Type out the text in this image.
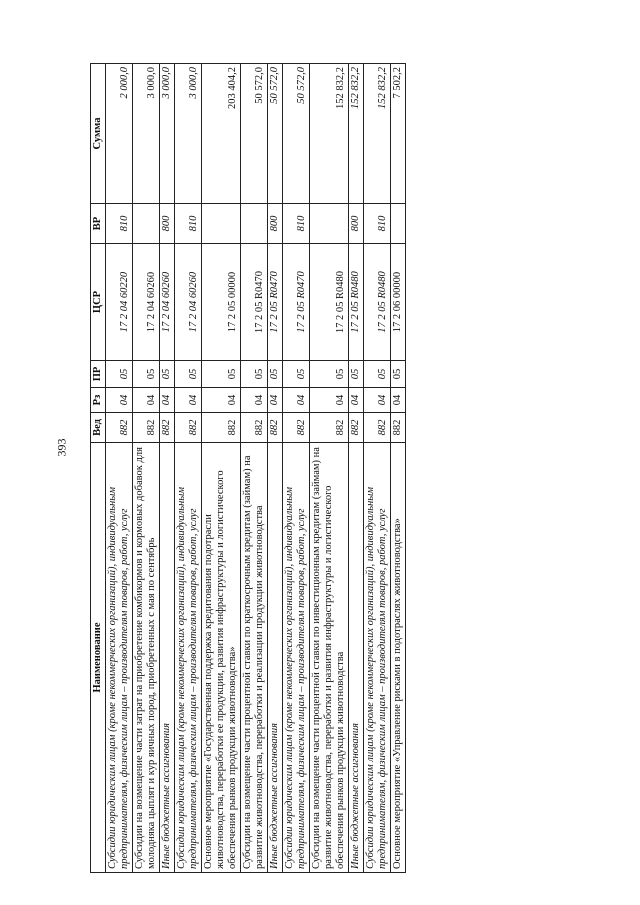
393
Наименование	Вед	Рз	ПР	ЦСР	ВР	Сумма
Субсидии юридическим лицам (кроме некоммерческих организаций), индивидуальным предпринимателям, физическим лицам – производителям товаров, работ, услуг	882	04	05	17 2 04 60220	810	2 000,0
Субсидии на возмещение части затрат на приобретение комбикормов и кормовых добавок для молодняка цыплят и кур яичных пород, приобретенных с мая по сентябрь	882	04	05	17 2 04 60260		3 000,0
Иные бюджетные ассигнования	882	04	05	17 2 04 60260	800	3 000,0
Субсидии юридическим лицам (кроме некоммерческих организаций), индивидуальным предпринимателям, физическим лицам – производителям товаров, работ, услуг	882	04	05	17 2 04 60260	810	3 000,0
Основное мероприятие «Государственная поддержка кредитования подотрасли животноводства, переработки ее продукции, развития инфраструктуры и логистического обеспечения рынков продукции животноводства»	882	04	05	17 2 05 00000		203 404,2
Субсидии на возмещение части процентной ставки по краткосрочным кредитам (займам) на развитие животноводства, переработки и реализации продукции животноводства	882	04	05	17 2 05 R0470		50 572,0
Иные бюджетные ассигнования	882	04	05	17 2 05 R0470	800	50 572,0
Субсидии юридическим лицам (кроме некоммерческих организаций), индивидуальным предпринимателям, физическим лицам – производителям товаров, работ, услуг	882	04	05	17 2 05 R0470	810	50 572,0
Субсидии на возмещение части процентной ставки по инвестиционным кредитам (займам) на развитие животноводства, переработки и развития инфраструктуры и логистического обеспечения рынков продукции животноводства	882	04	05	17 2 05 R0480		152 832,2
Иные бюджетные ассигнования	882	04	05	17 2 05 R0480	800	152 832,2
Субсидии юридическим лицам (кроме некоммерческих организаций), индивидуальным предпринимателям, физическим лицам – производителям товаров, работ, услуг	882	04	05	17 2 05 R0480	810	152 832,2
Основное мероприятие «Управление рисками в подотраслях животноводства»	882	04	05	17 2 06 00000		7 502,2
